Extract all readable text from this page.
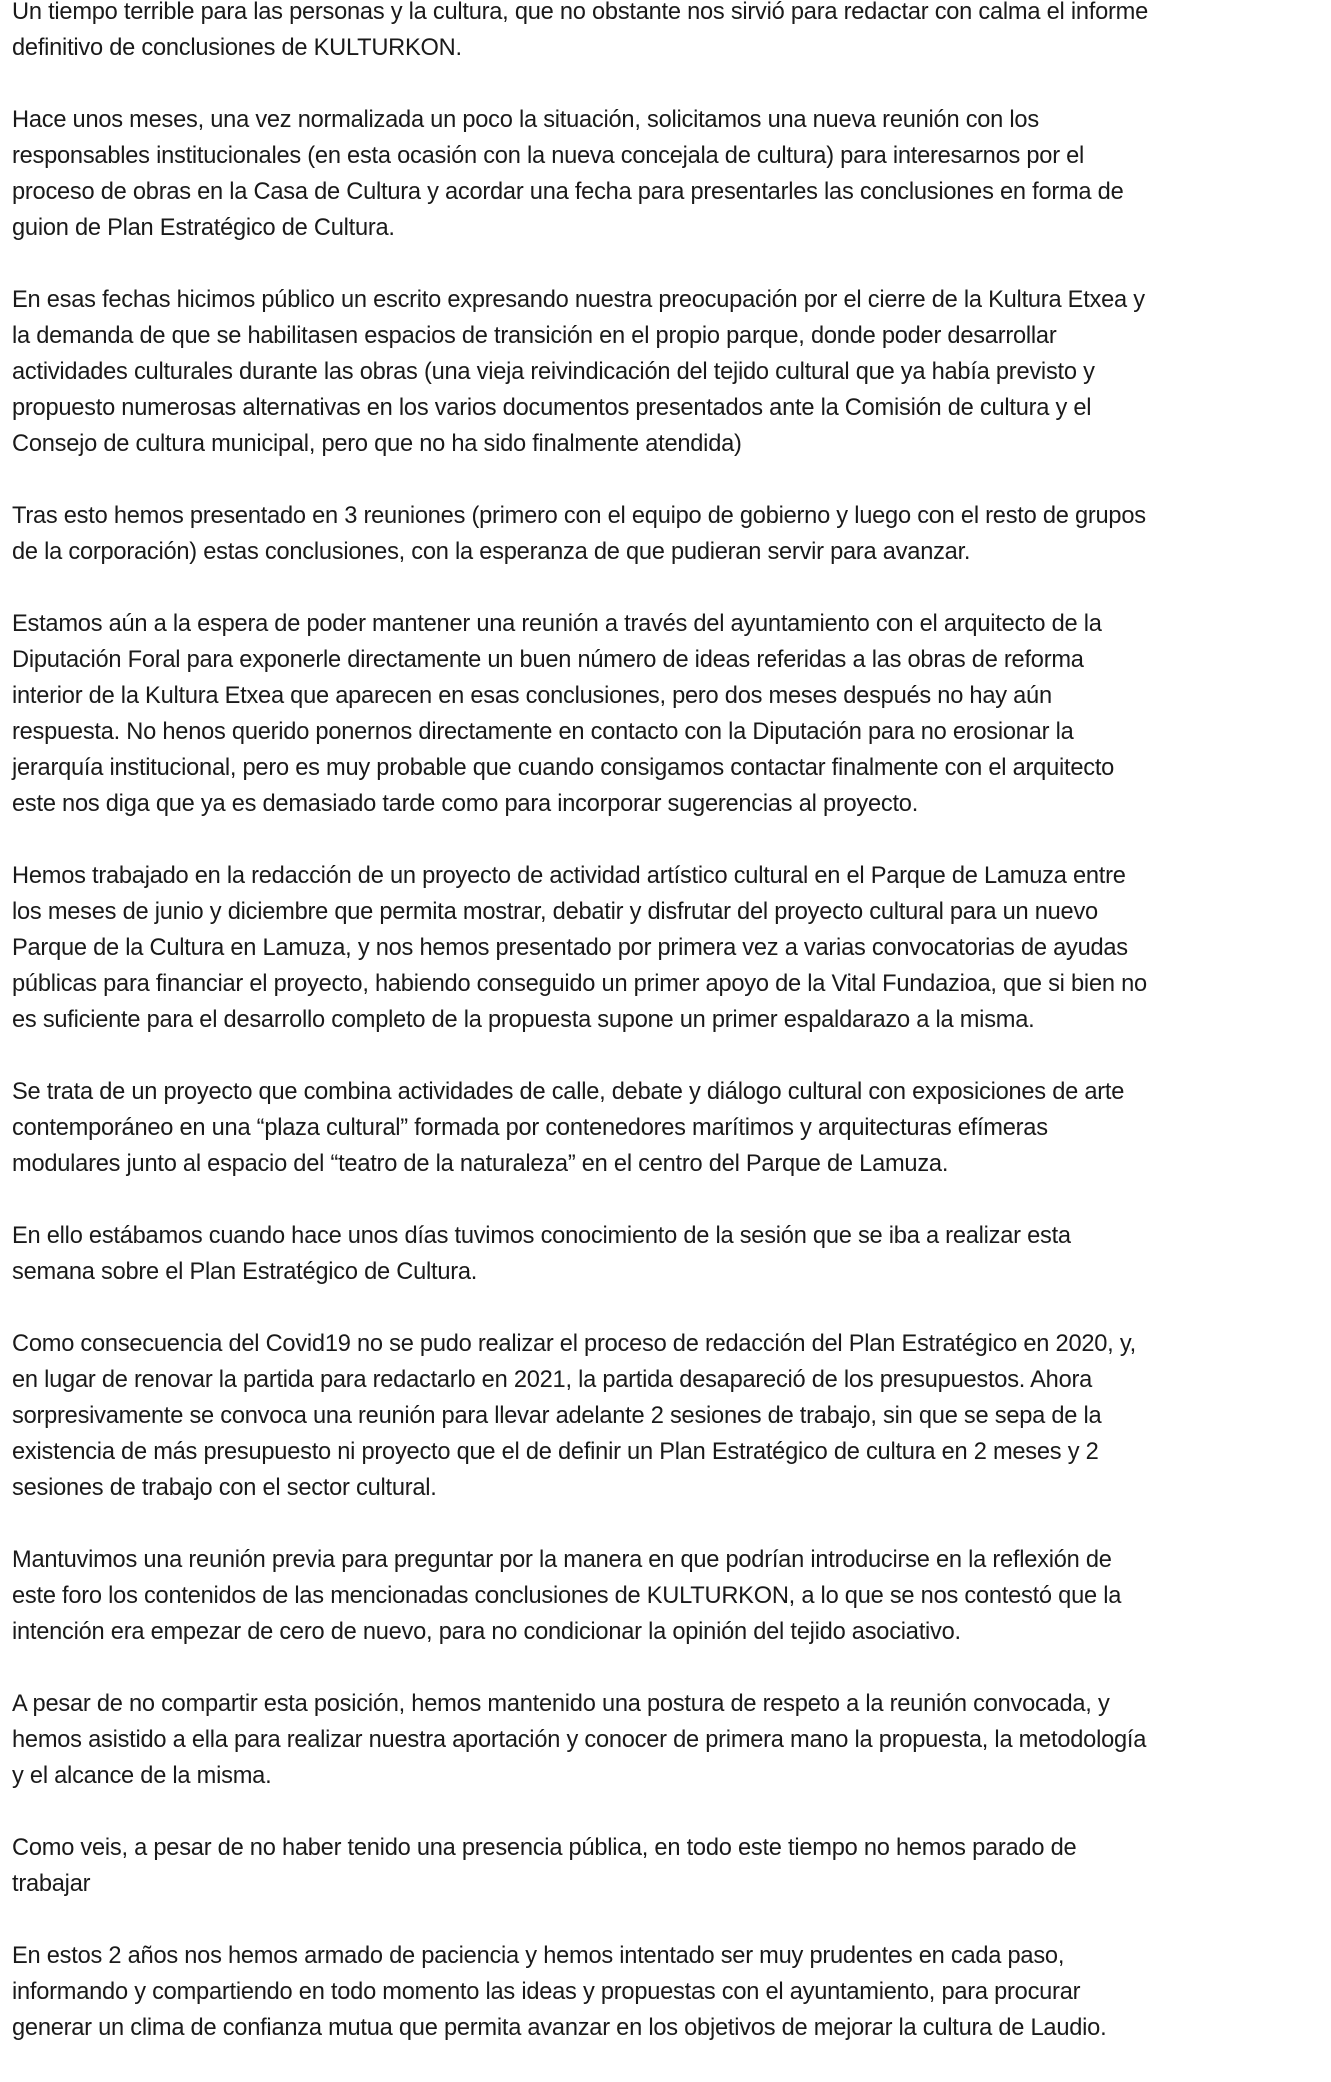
Un tiempo terrible para las personas y la cultura, que no obstante nos sirvió para redactar con calma el informe definitivo de conclusiones de KULTURKON.

Hace unos meses, una vez normalizada un poco la situación, solicitamos una nueva reunión con los responsables institucionales (en esta ocasión con la nueva concejala de cultura) para interesarnos por el proceso de obras en la Casa de Cultura y acordar una fecha para presentarles las conclusiones en forma de guion de Plan Estratégico de Cultura.

En esas fechas hicimos público un escrito expresando nuestra preocupación por el cierre de la Kultura Etxea y la demanda de que se habilitasen espacios de transición en el propio parque, donde poder desarrollar actividades culturales durante las obras (una vieja reivindicación del tejido cultural que ya había previsto y propuesto numerosas alternativas en los varios documentos presentados ante la Comisión de cultura y el Consejo de cultura municipal, pero que no ha sido finalmente atendida)

Tras esto hemos presentado en 3 reuniones (primero con el equipo de gobierno y luego con el resto de grupos de la corporación) estas conclusiones, con la esperanza de que pudieran servir para avanzar.

Estamos aún a la espera de poder mantener una reunión a través del ayuntamiento con el arquitecto de la Diputación Foral para exponerle directamente un buen número de ideas referidas a las obras de reforma interior de la Kultura Etxea que aparecen en esas conclusiones, pero dos meses después no hay aún respuesta. No henos querido ponernos directamente en contacto con la Diputación para no erosionar la jerarquía institucional, pero es muy probable que cuando consigamos contactar finalmente con el arquitecto este nos diga que ya es demasiado tarde como para incorporar sugerencias al proyecto.

Hemos trabajado en la redacción de un proyecto de actividad artístico cultural en el Parque de Lamuza entre los meses de junio y diciembre que permita mostrar, debatir y disfrutar del proyecto cultural para un nuevo Parque de la Cultura en Lamuza, y nos hemos presentado por primera vez a varias convocatorias de ayudas públicas para financiar el proyecto, habiendo conseguido un primer apoyo de la Vital Fundazioa, que si bien no es suficiente para el desarrollo completo de la propuesta supone un primer espaldarazo a la misma.

Se trata de un proyecto que combina actividades de calle, debate y diálogo cultural con exposiciones de arte contemporáneo en una “plaza cultural” formada por contenedores marítimos y arquitecturas efímeras modulares junto al espacio del “teatro de la naturaleza” en el centro del Parque de Lamuza.

En ello estábamos cuando hace unos días tuvimos conocimiento de la sesión que se iba a realizar esta semana sobre el Plan Estratégico de Cultura.

Como consecuencia del Covid19 no se pudo realizar el proceso de redacción del Plan Estratégico en 2020, y, en lugar de renovar la partida para redactarlo en 2021, la partida desapareció de los presupuestos. Ahora sorpresivamente se convoca una reunión para llevar adelante 2 sesiones de trabajo, sin que se sepa de la existencia de más presupuesto ni proyecto que el de definir un Plan Estratégico de cultura en 2 meses y 2 sesiones de trabajo con el sector cultural.

Mantuvimos una reunión previa para preguntar por la manera en que podrían introducirse en la reflexión de este foro los contenidos de las mencionadas conclusiones de KULTURKON, a lo que se nos contestó que la intención era empezar de cero de nuevo, para no condicionar la opinión del tejido asociativo.

A pesar de no compartir esta posición, hemos mantenido una postura de respeto a la reunión convocada, y hemos asistido a ella para realizar nuestra aportación y conocer de primera mano la propuesta, la metodología y el alcance de la misma.

Como veis, a pesar de no haber tenido una presencia pública, en todo este tiempo no hemos parado de trabajar

En estos 2 años nos hemos armado de paciencia y hemos intentado ser muy prudentes en cada paso, informando y compartiendo en todo momento las ideas y propuestas con el ayuntamiento, para procurar generar un clima de confianza mutua que permita avanzar en los objetivos de mejorar la cultura de Laudio.
